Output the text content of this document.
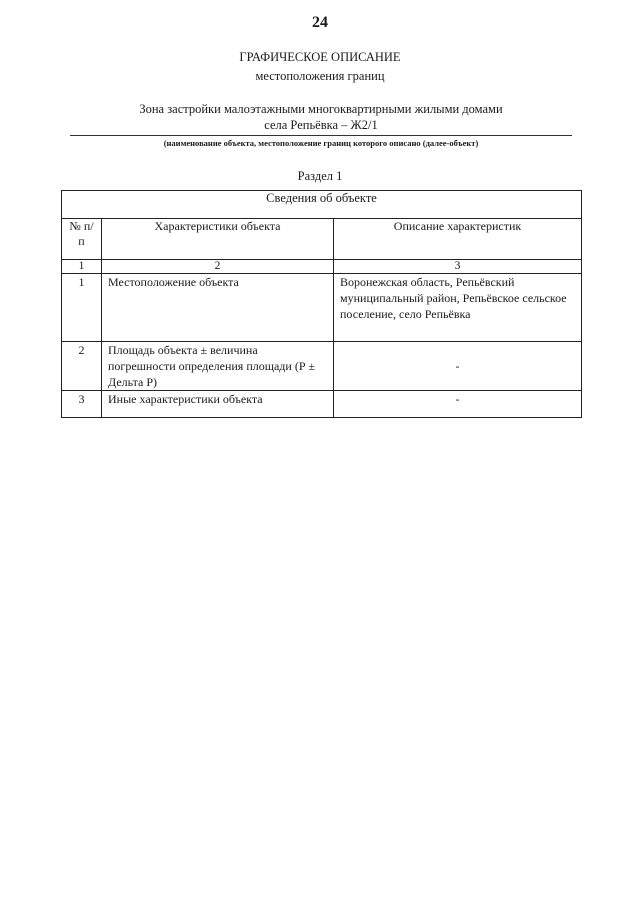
24
ГРАФИЧЕСКОЕ ОПИСАНИЕ
местоположения границ
Зона застройки малоэтажными многоквартирными жилыми домами
села Репьёвка – Ж2/1
(наименование объекта, местоположение границ которого описано (далее-объект)
Раздел 1
Сведения об объекте		
№ п/п	Характеристики объекта	Описание характеристик
1	2	3
1	Местоположение объекта	Воронежская область, Репьёвский муниципальный район, Репьёвское сельское поселение, село Репьёвка
2	Площадь объекта ± величина погрешности определения площади (Р ± Дельта Р)	-
3	Иные характеристики объекта	-
